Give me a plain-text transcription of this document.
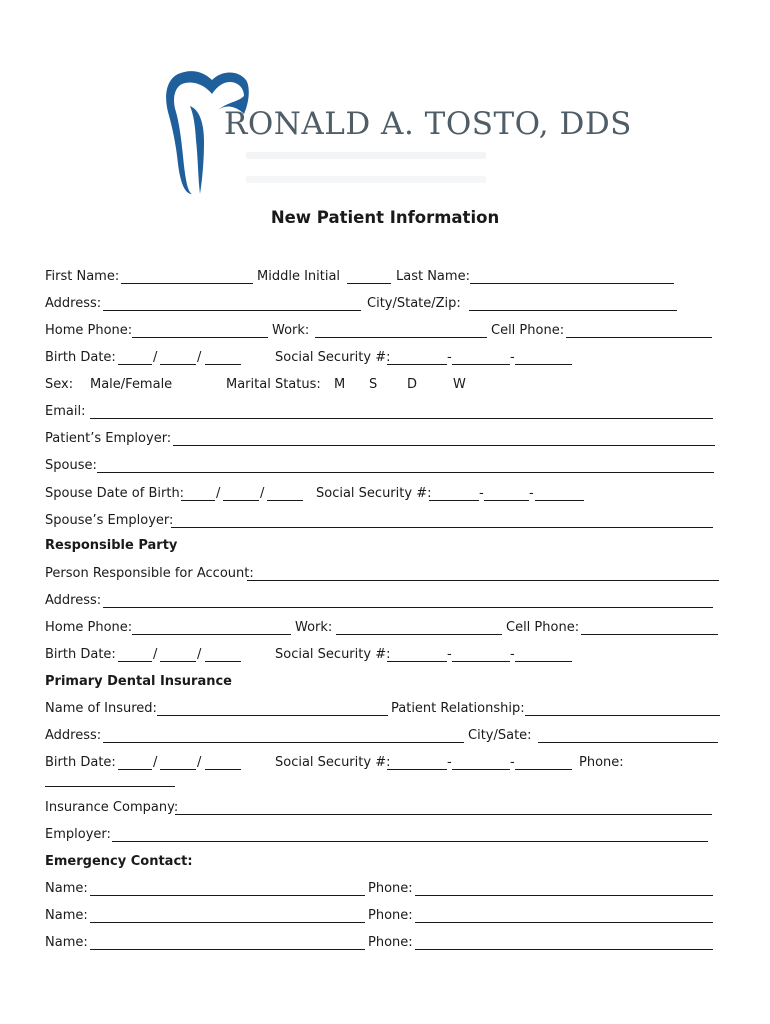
RONALD A. TOSTO, DDS
New Patient Information
First Name:	Middle Initial	Last Name:
Address:	City/State/Zip:
Home Phone:	Work:	Cell Phone:
Birth Date:	/	/	Social Security #:	-	-
Sex: Male/Female	Marital Status: M S D	W
Email:
Patient’s Employer:
Spouse:
Spouse Date of Birth: /	/	Social Security #:	-	-
Spouse’s Employer:
Responsible Party
Person Responsible for Account:
Address:
Home Phone:	Work:	Cell Phone:
Birth Date:	/	/	Social Security #:	-	-
Primary Dental Insurance
Name of Insured:	Patient Relationship:
Address:	City/Sate:
Birth Date:	/	/	Social Security #:	-	-	Phone:
Insurance Company:
Employer:
Emergency Contact:
Name:	Phone:
Name:	Phone:
Name:	Phone:
